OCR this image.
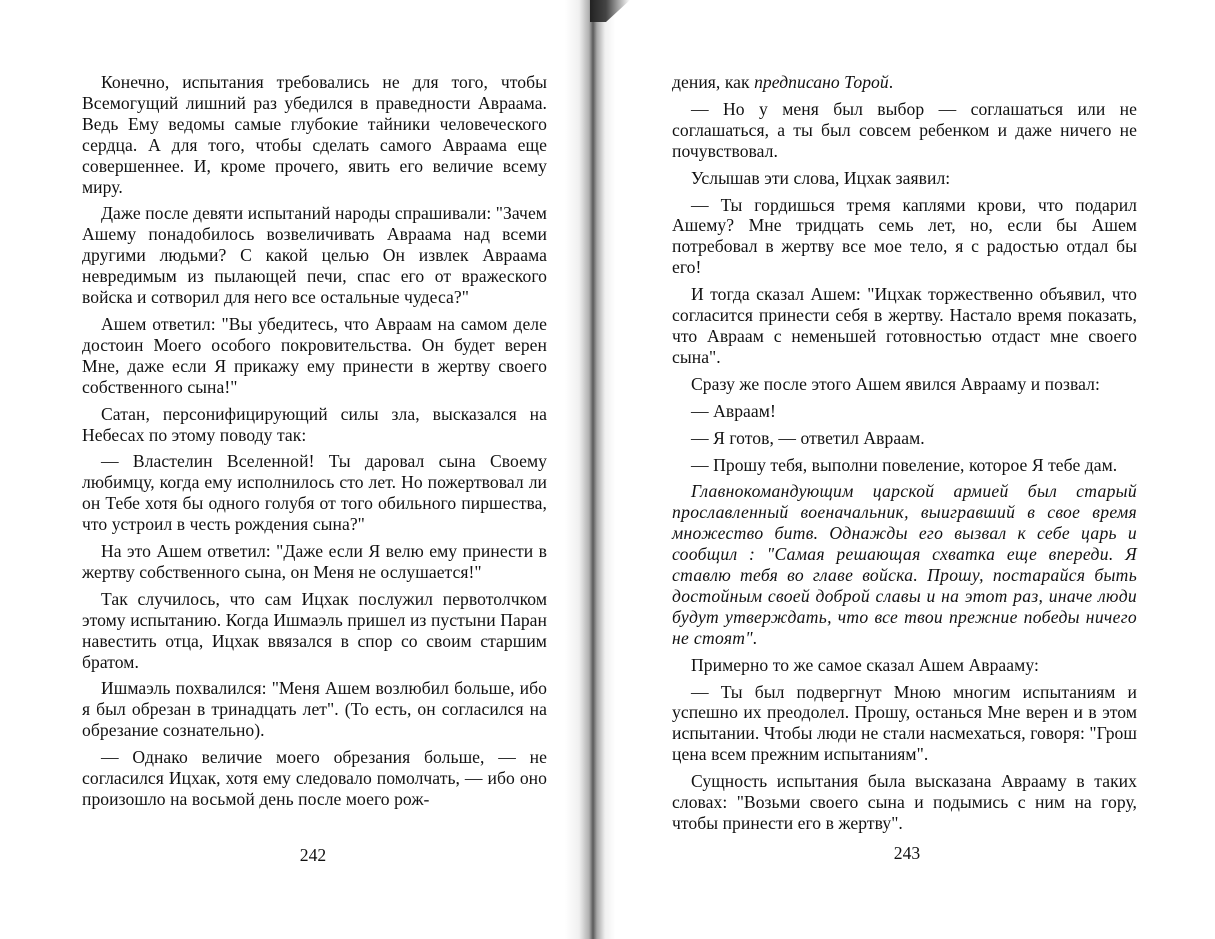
Конечно, испытания требовались не для того, чтобы Всемогущий лишний раз убедился в праведности Авраама. Ведь Ему ведомы самые глубокие тайники человеческого сердца. А для того, чтобы сделать самого Авраама еще совершеннее. И, кроме прочего, явить его величие всему миру.

Даже после девяти испытаний народы спрашивали: "Зачем Ашему понадобилось возвеличивать Авраама над всеми другими людьми? С какой целью Он извлек Авраама невредимым из пылающей печи, спас его от вражеского войска и сотворил для него все остальные чудеса?"

Ашем ответил: "Вы убедитесь, что Авраам на самом деле достоин Моего особого покровительства. Он будет верен Мне, даже если Я прикажу ему принести в жертву своего собственного сына!"

Сатан, персонифицирующий силы зла, высказался на Небесах по этому поводу так:

— Властелин Вселенной! Ты даровал сына Своему любимцу, когда ему исполнилось сто лет. Но пожертвовал ли он Тебе хотя бы одного голубя от того обильного пиршества, что устроил в честь рождения сына?"

На это Ашем ответил: "Даже если Я велю ему принести в жертву собственного сына, он Меня не ослушается!"

Так случилось, что сам Ицхак послужил первотолчком этому испытанию. Когда Ишмаэль пришел из пустыни Паран навестить отца, Ицхак ввязался в спор со своим старшим братом.

Ишмаэль похвалился: "Меня Ашем возлюбил больше, ибо я был обрезан в тринадцать лет". (То есть, он согласился на обрезание сознательно).

— Однако величие моего обрезания больше, — не согласился Ицхак, хотя ему следовало помолчать, — ибо оно произошло на восьмой день после моего рож-

242

дения, как предписано Торой.

— Но у меня был выбор — соглашаться или не соглашаться, а ты был совсем ребенком и даже ничего не почувствовал.

Услышав эти слова, Ицхак заявил:

— Ты гордишься тремя каплями крови, что подарил Ашему? Мне тридцать семь лет, но, если бы Ашем потребовал в жертву все мое тело, я с радостью отдал бы его!

И тогда сказал Ашем: "Ицхак торжественно объявил, что согласится принести себя в жертву. Настало время показать, что Авраам с неменьшей готовностью отдаст мне своего сына".

Сразу же после этого Ашем явился Аврааму и позвал:

— Авраам!

— Я готов, — ответил Авраам.

— Прошу тебя, выполни повеление, которое Я тебе дам.

Главнокомандующим царской армией был старый прославленный военачальник, выигравший в свое время множество битв. Однажды его вызвал к себе царь и сообщил : "Самая решающая схватка еще впереди. Я ставлю тебя во главе войска. Прошу, постарайся быть достойным своей доброй славы и на этот раз, иначе люди будут утверждать, что все твои прежние победы ничего не стоят".

Примерно то же самое сказал Ашем Аврааму:

— Ты был подвергнут Мною многим испытаниям и успешно их преодолел. Прошу, останься Мне верен и в этом испытании. Чтобы люди не стали насмехаться, говоря: "Грош цена всем прежним испытаниям".

Сущность испытания была высказана Аврааму в таких словах: "Возьми своего сына и подымись с ним на гору, чтобы принести его в жертву".

243
